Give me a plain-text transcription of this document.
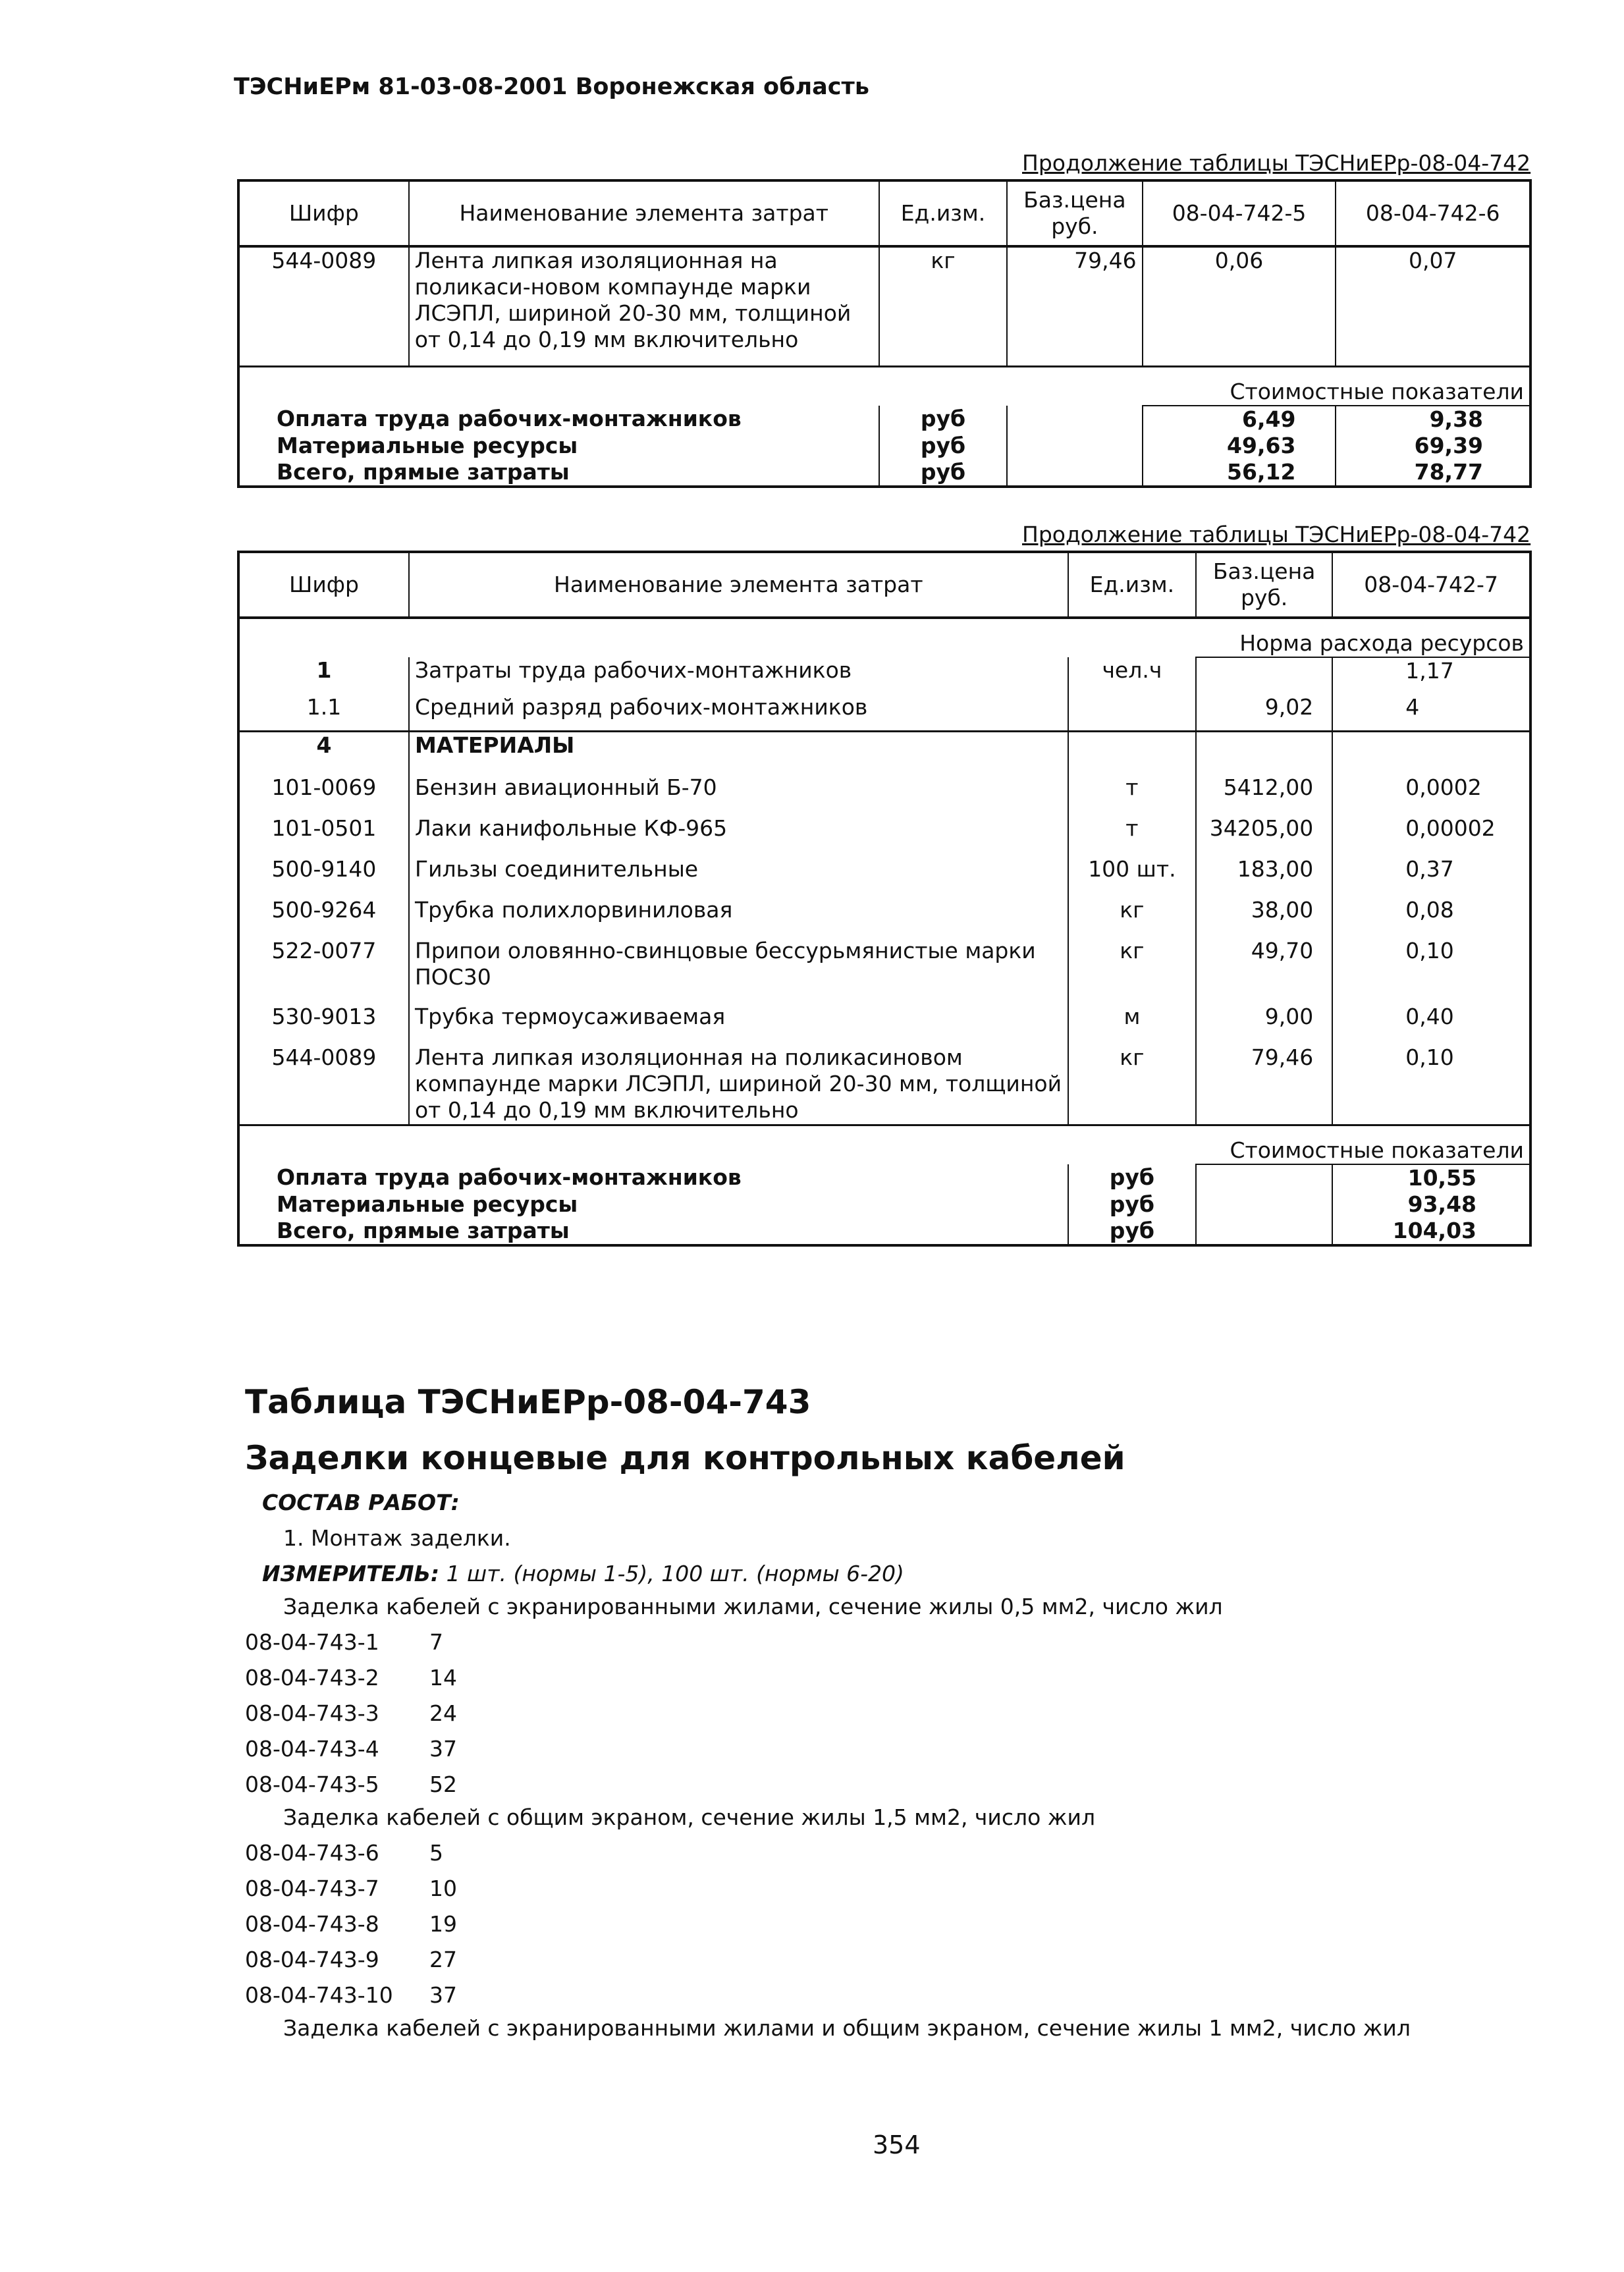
ТЭСНиЕРм 81-03-08-2001 Воронежская область
Продолжение таблицы ТЭСНиЕРр-08-04-742
Шифр	Наименование элемента затрат	Ед.изм.	Баз.цена руб.	08-04-742-5	08-04-742-6
544-0089	Лента липкая изоляционная на поликаси-новом компаунде марки ЛСЭПЛ, шириной 20-30 мм, толщиной от 0,14 до 0,19 мм включительно	кг	79,46	0,06	0,07
				Стоимостные показатели	
Оплата труда рабочих-монтажников		руб		6,49	9,38
Материальные ресурсы		руб		49,63	69,39
Всего, прямые затраты		руб		56,12	78,77
Продолжение таблицы ТЭСНиЕРр-08-04-742
Шифр	Наименование элемента затрат	Ед.изм.	Баз.цена руб.	08-04-742-7
			Норма расхода ресурсов	
1	Затраты труда рабочих-монтажников	чел.ч		1,17
1.1	Средний разряд рабочих-монтажников		9,02	4
4	МАТЕРИАЛЫ			
101-0069	Бензин авиационный Б-70	т	5412,00	0,0002
101-0501	Лаки канифольные КФ-965	т	34205,00	0,00002
500-9140	Гильзы соединительные	100 шт.	183,00	0,37
500-9264	Трубка полихлорвиниловая	кг	38,00	0,08
522-0077	Припои оловянно-свинцовые бессурьмянистые марки ПОС30	кг	49,70	0,10
530-9013	Трубка термоусаживаемая	м	9,00	0,40
544-0089	Лента липкая изоляционная на поликасиновом компаунде марки ЛСЭПЛ, шириной 20-30 мм, толщиной от 0,14 до 0,19 мм включительно	кг	79,46	0,10
			Стоимостные показатели	
Оплата труда рабочих-монтажников		руб		10,55
Материальные ресурсы		руб		93,48
Всего, прямые затраты		руб		104,03
Таблица ТЭСНиЕРр-08-04-743
Заделки концевые для контрольных кабелей
СОСТАВ РАБОТ:
1. Монтаж заделки.
ИЗМЕРИТЕЛЬ: 1 шт. (нормы 1-5), 100 шт. (нормы 6-20)
Заделка кабелей с экранированными жилами, сечение жилы 0,5 мм2, число жил
08-04-743-1 7
08-04-743-2 14
08-04-743-3 24
08-04-743-4 37
08-04-743-5 52
Заделка кабелей с общим экраном, сечение жилы 1,5 мм2, число жил
08-04-743-6 5
08-04-743-7 10
08-04-743-8 19
08-04-743-9 27
08-04-743-10 37
Заделка кабелей с экранированными жилами и общим экраном, сечение жилы 1 мм2, число жил
354
